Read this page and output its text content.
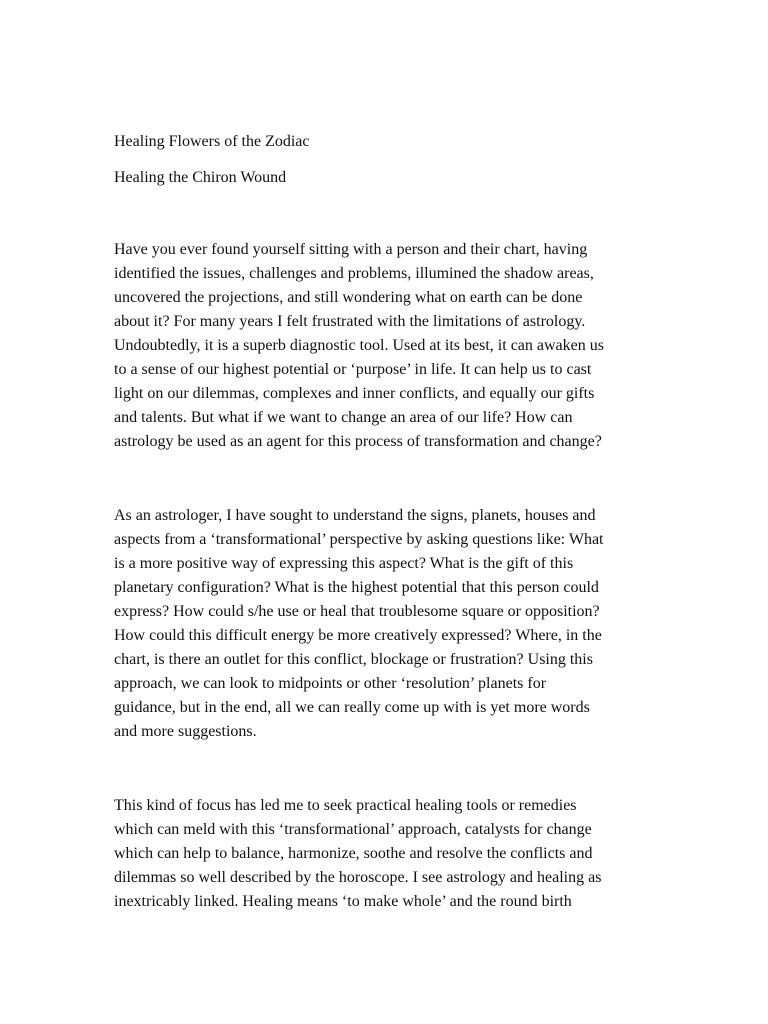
Healing Flowers of the Zodiac
Healing the Chiron Wound

Have you ever found yourself sitting with a person and their chart, having
identified the issues, challenges and problems, illumined the shadow areas,
uncovered the projections, and still wondering what on earth can be done
about it? For many years I felt frustrated with the limitations of astrology.
Undoubtedly, it is a superb diagnostic tool. Used at its best, it can awaken us
to a sense of our highest potential or ‘purpose’ in life. It can help us to cast
light on our dilemmas, complexes and inner conflicts, and equally our gifts
and talents. But what if we want to change an area of our life? How can
astrology be used as an agent for this process of transformation and change?

As an astrologer, I have sought to understand the signs, planets, houses and
aspects from a ‘transformational’ perspective by asking questions like: What
is a more positive way of expressing this aspect? What is the gift of this
planetary configuration? What is the highest potential that this person could
express? How could s/he use or heal that troublesome square or opposition?
How could this difficult energy be more creatively expressed? Where, in the
chart, is there an outlet for this conflict, blockage or frustration? Using this
approach, we can look to midpoints or other ‘resolution’ planets for
guidance, but in the end, all we can really come up with is yet more words
and more suggestions.

This kind of focus has led me to seek practical healing tools or remedies
which can meld with this ‘transformational’ approach, catalysts for change
which can help to balance, harmonize, soothe and resolve the conflicts and
dilemmas so well described by the horoscope. I see astrology and healing as
inextricably linked. Healing means ‘to make whole’ and the round birth
